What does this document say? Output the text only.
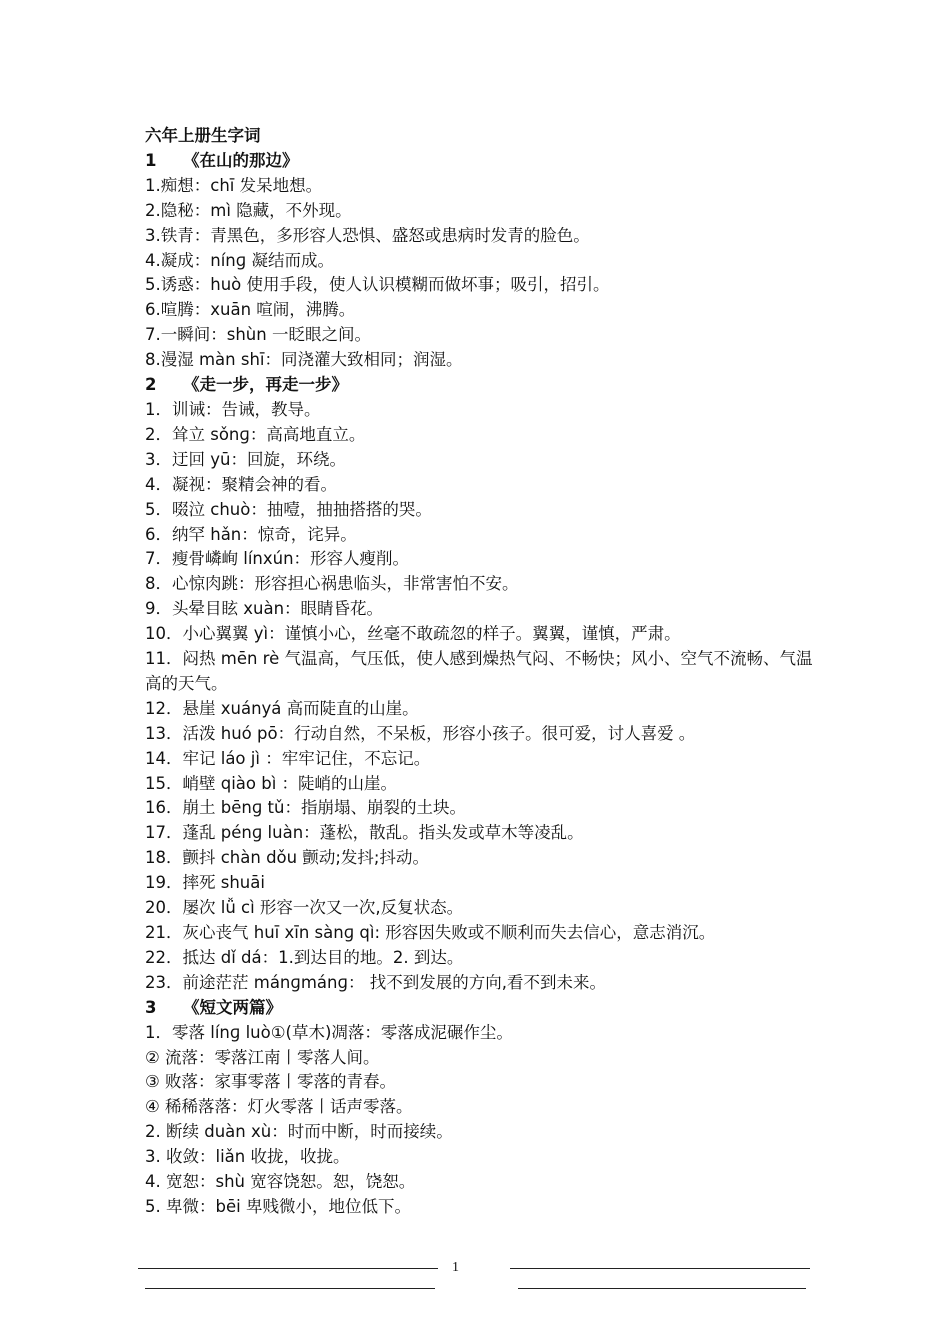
六年上册生字词
1 《在山的那边》
1.痴想：chī 发呆地想。
2.隐秘：mì 隐藏，不外现。
3.铁青：青黑色，多形容人恐惧、盛怒或患病时发青的脸色。
4.凝成：nínɡ 凝结而成。
5.诱惑：huò 使用手段，使人认识模糊而做坏事；吸引，招引。
6.喧腾：xuān 喧闹，沸腾。
7.一瞬间：shùn 一眨眼之间。
8.漫湿 màn shī：同浇灌大致相同；润湿。
2 《走一步，再走一步》
1．训诫：告诫，教导。
2．耸立 sǒnɡ：高高地直立。
3．迂回 yū：回旋，环绕。
4．凝视：聚精会神的看。
5．啜泣 chuò：抽噎，抽抽搭搭的哭。
6．纳罕 hǎn：惊奇，诧异。
7．瘦骨嶙峋 línxún：形容人瘦削。
8．心惊肉跳：形容担心祸患临头，非常害怕不安。
9．头晕目眩 xuàn：眼睛昏花。
10．小心翼翼 yì：谨慎小心，丝毫不敢疏忽的样子。翼翼，谨慎，严肃。
11．闷热 mēn rè 气温高，气压低，使人感到燥热气闷、不畅快；风小、空气不流畅、气温高的天气。
12．悬崖 xuányá 高而陡直的山崖。
13．活泼 huó pō：行动自然，不呆板，形容小孩子。很可爱，讨人喜爱 。
14．牢记 láo jì ：牢牢记住，不忘记。
15．峭壁 qiào bì ：陡峭的山崖。
16．崩土 bēnɡ tǔ：指崩塌、崩裂的土块。
17．蓬乱 pénɡ luàn：蓬松，散乱。指头发或草木等凌乱。
18．颤抖 chàn dǒu 颤动;发抖;抖动。
19．摔死 shuāi
20．屡次 lǚ cì 形容一次又一次,反复状态。
21．灰心丧气 huī xīn sànɡ qì: 形容因失败或不顺利而失去信心，意志消沉。
22．抵达 dǐ dá：1.到达目的地。2. 到达。
23．前途茫茫 mánɡmánɡ： 找不到发展的方向,看不到未来。
3 《短文两篇》
1．零落 línɡ luò①(草木)凋落：零落成泥碾作尘。
② 流落：零落江南丨零落人间。
③ 败落：家事零落丨零落的青春。
④ 稀稀落落：灯火零落丨话声零落。
2. 断续 duàn xù：时而中断，时而接续。
3. 收敛：liǎn 收拢，收拢。
4. 宽恕：shù 宽容饶恕。恕，饶恕。
5. 卑微：bēi 卑贱微小，地位低下。
1
